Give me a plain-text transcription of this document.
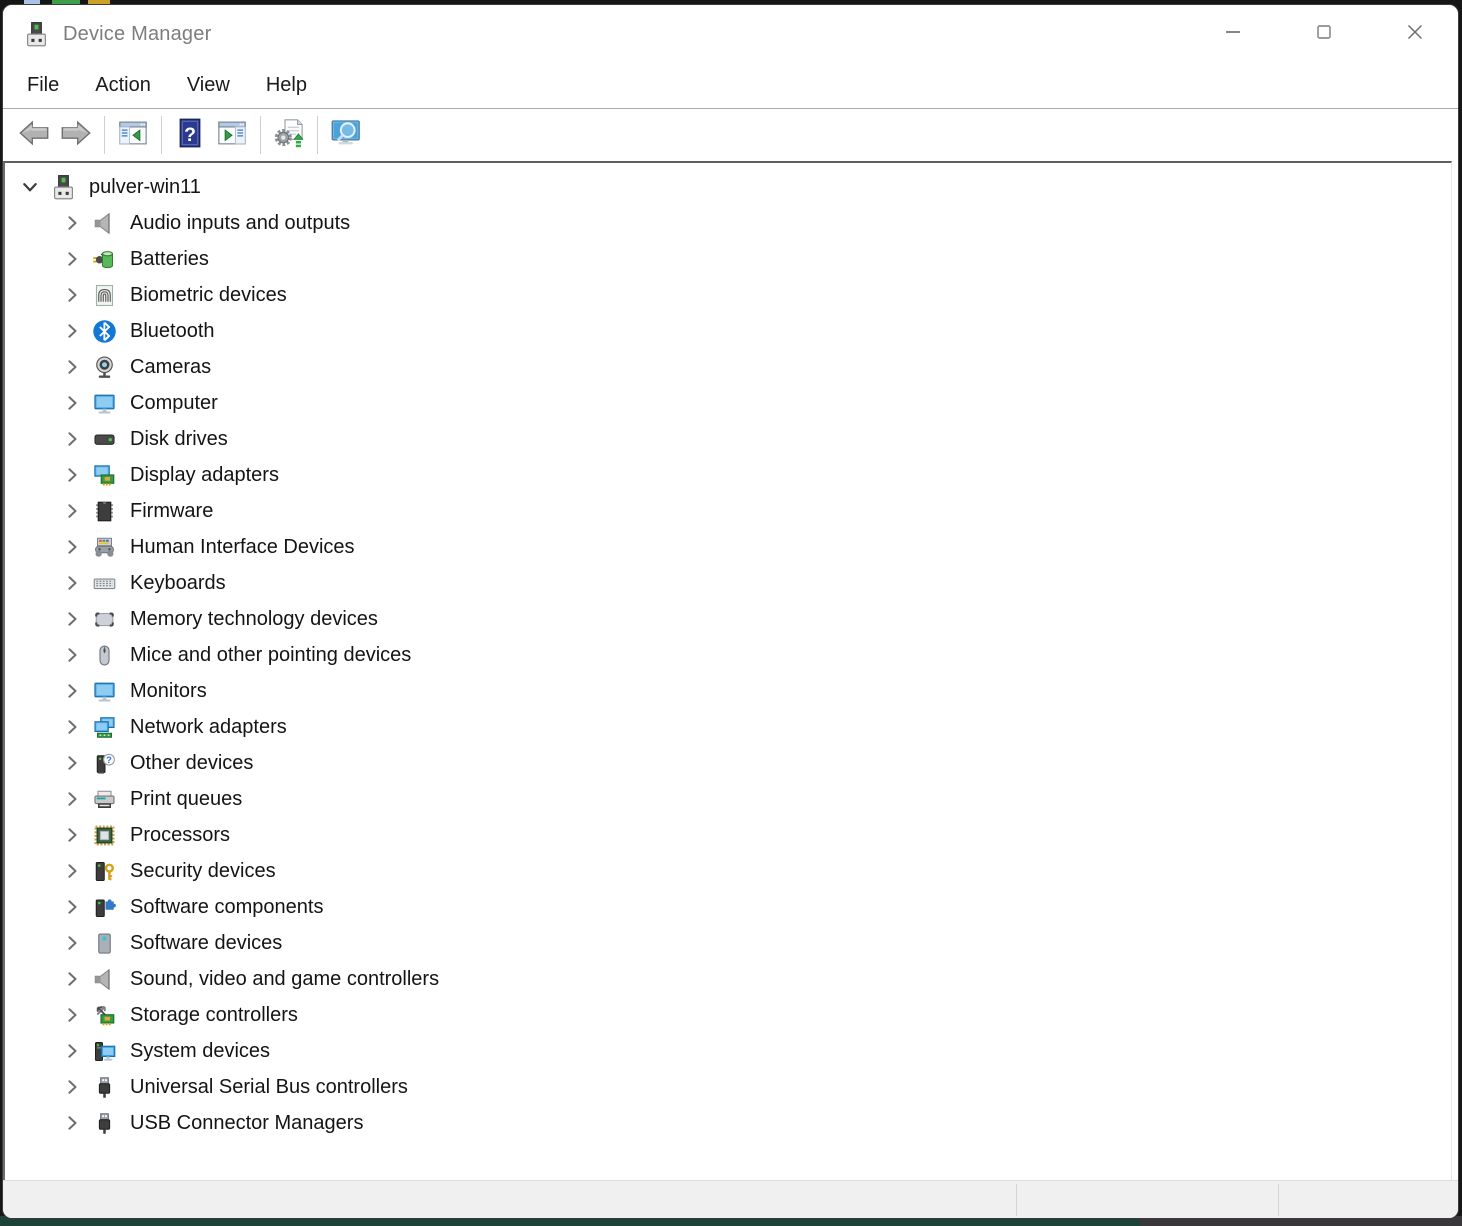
Device Manager
File Action View Help
?
pulver-win11
Audio inputs and outputs
Batteries
Biometric devices
Bluetooth
Cameras
Computer
Disk drives
Display adapters
Firmware
Human Interface Devices
Keyboards
Memory technology devices
Mice and other pointing devices
Monitors
Network adapters
? Other devices
Print queues
Processors
Security devices
Software components
Software devices
Sound, video and game controllers
Storage controllers
System devices
Universal Serial Bus controllers
USB Connector Managers
